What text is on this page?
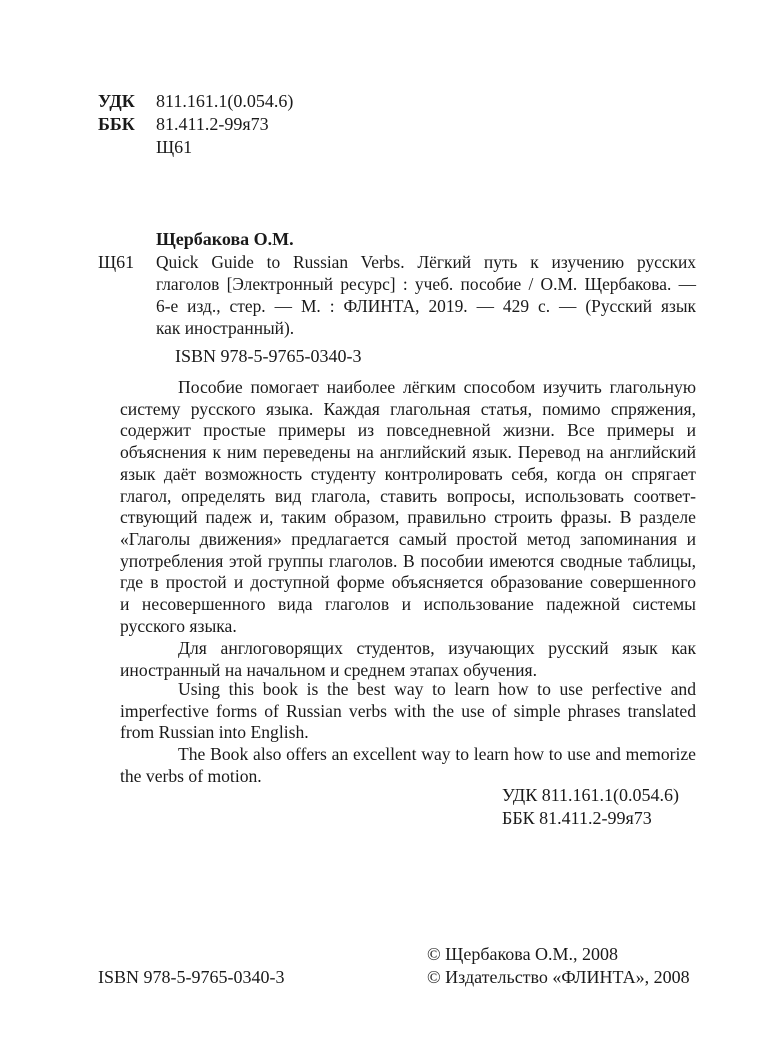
УДК 811.161.1(0.054.6)
ББК 81.411.2-99я73
Щ61
Щербакова О.М.
Щ61 Quick Guide to Russian Verbs. Лёгкий путь к изучению русских
глаголов [Электронный ресурс] : учеб. пособие / О.М. Щербакова. —
6-е изд., стер. — М. : ФЛИНТА, 2019. — 429 с. — (Русский язык
как иностранный).
ISBN 978-5-9765-0340-3
Пособие помогает наиболее лёгким способом изучить глагольную
систему русского языка. Каждая глагольная статья, помимо спряжения,
содержит простые примеры из повседневной жизни. Все примеры и
объяснения к ним переведены на английский язык. Перевод на английский
язык даёт возможность студенту контролировать себя, когда он спрягает
глагол, определять вид глагола, ставить вопросы, использовать соответ-
ствующий падеж и, таким образом, правильно строить фразы. В разделе
«Глаголы движения» предлагается самый простой метод запоминания и
употребления этой группы глаголов. В пособии имеются сводные таблицы,
где в простой и доступной форме объясняется образование совершенного
и несовершенного вида глаголов и использование падежной системы
русского языка.
Для англоговорящих студентов, изучающих русский язык как
иностранный на начальном и среднем этапах обучения.
Using this book is the best way to learn how to use perfective and
imperfective forms of Russian verbs with the use of simple phrases translated
from Russian into English.
The Book also offers an excellent way to learn how to use and memorize
the verbs of motion.
УДК 811.161.1(0.054.6)
ББК 81.411.2-99я73
© Щербакова О.М., 2008
ISBN 978-5-9765-0340-3	© Издательство «ФЛИНТА», 2008
